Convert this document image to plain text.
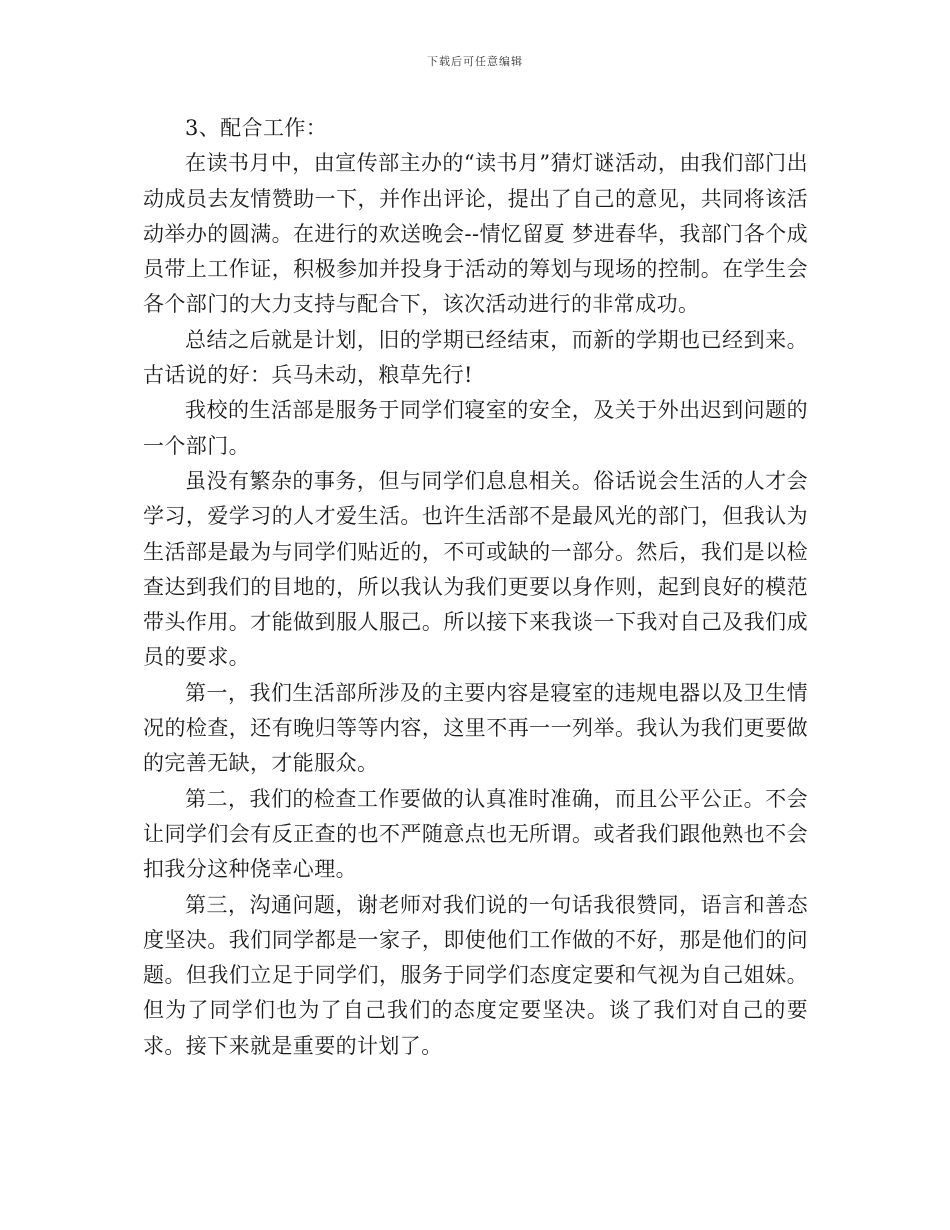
下载后可任意编辑

3、配合工作：

在读书月中，由宣传部主办的“读书月”猜灯谜活动，由我们部门出动成员去友情赞助一下，并作出评论，提出了自己的意见，共同将该活动举办的圆满。在进行的欢送晚会--情忆留夏 梦进春华，我部门各个成员带上工作证，积极参加并投身于活动的筹划与现场的控制。在学生会各个部门的大力支持与配合下，该次活动进行的非常成功。

总结之后就是计划，旧的学期已经结束，而新的学期也已经到来。古话说的好：兵马未动，粮草先行!

我校的生活部是服务于同学们寝室的安全，及关于外出迟到问题的一个部门。

虽没有繁杂的事务，但与同学们息息相关。俗话说会生活的人才会学习，爱学习的人才爱生活。也许生活部不是最风光的部门，但我认为生活部是最为与同学们贴近的，不可或缺的一部分。然后，我们是以检查达到我们的目地的，所以我认为我们更要以身作则，起到良好的模范带头作用。才能做到服人服己。所以接下来我谈一下我对自己及我们成员的要求。

第一，我们生活部所涉及的主要内容是寝室的违规电器以及卫生情况的检查，还有晚归等等内容，这里不再一一列举。我认为我们更要做的完善无缺，才能服众。

第二，我们的检查工作要做的认真准时准确，而且公平公正。不会让同学们会有反正查的也不严随意点也无所谓。或者我们跟他熟也不会扣我分这种侥幸心理。

第三，沟通问题，谢老师对我们说的一句话我很赞同，语言和善态度坚决。我们同学都是一家子，即使他们工作做的不好，那是他们的问题。但我们立足于同学们，服务于同学们态度定要和气视为自己姐妹。但为了同学们也为了自己我们的态度定要坚决。谈了我们对自己的要求。接下来就是重要的计划了。
